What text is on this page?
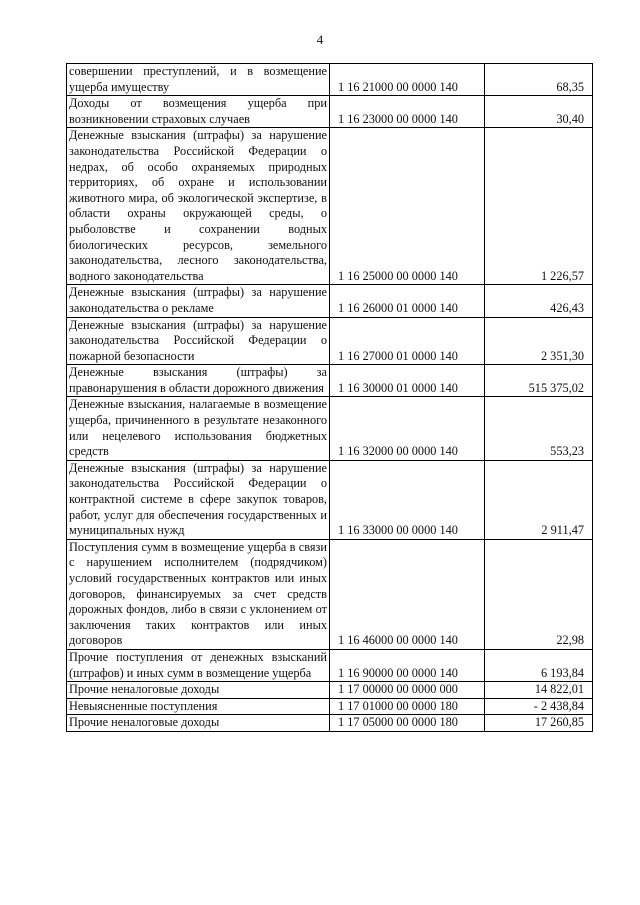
4
совершении преступлений, и в возмещение ущерба имуществу	1 16 21000 00 0000 140	68,35
Доходы от возмещения ущерба при возникновении страховых случаев	1 16 23000 00 0000 140	30,40
Денежные взыскания (штрафы) за нарушение законодательства Российской Федерации о недрах, об особо охраняемых природных территориях, об охране и использовании животного мира, об экологической экспертизе, в области охраны окружающей среды, о рыболовстве и сохранении водных биологических ресурсов, земельного законодательства, лесного законодательства, водного законодательства	1 16 25000 00 0000 140	1 226,57
Денежные взыскания (штрафы) за нарушение законодательства о рекламе	1 16 26000 01 0000 140	426,43
Денежные взыскания (штрафы) за нарушение законодательства Российской Федерации о пожарной безопасности	1 16 27000 01 0000 140	2 351,30
Денежные взыскания (штрафы) за правонарушения в области дорожного движения	1 16 30000 01 0000 140	515 375,02
Денежные взыскания, налагаемые в возмещение ущерба, причиненного в результате незаконного или нецелевого использования бюджетных средств	1 16 32000 00 0000 140	553,23
Денежные взыскания (штрафы) за нарушение законодательства Российской Федерации о контрактной системе в сфере закупок товаров, работ, услуг для обеспечения государственных и муниципальных нужд	1 16 33000 00 0000 140	2 911,47
Поступления сумм в возмещение ущерба в связи с нарушением исполнителем (подрядчиком) условий государственных контрактов или иных договоров, финансируемых за счет средств дорожных фондов, либо в связи с уклонением от заключения таких контрактов или иных договоров	1 16 46000 00 0000 140	22,98
Прочие поступления от денежных взысканий (штрафов) и иных сумм в возмещение ущерба	1 16 90000 00 0000 140	6 193,84
Прочие неналоговые доходы	1 17 00000 00 0000 000	14 822,01
Невыясненные поступления	1 17 01000 00 0000 180	- 2 438,84
Прочие неналоговые доходы	1 17 05000 00 0000 180	17 260,85
